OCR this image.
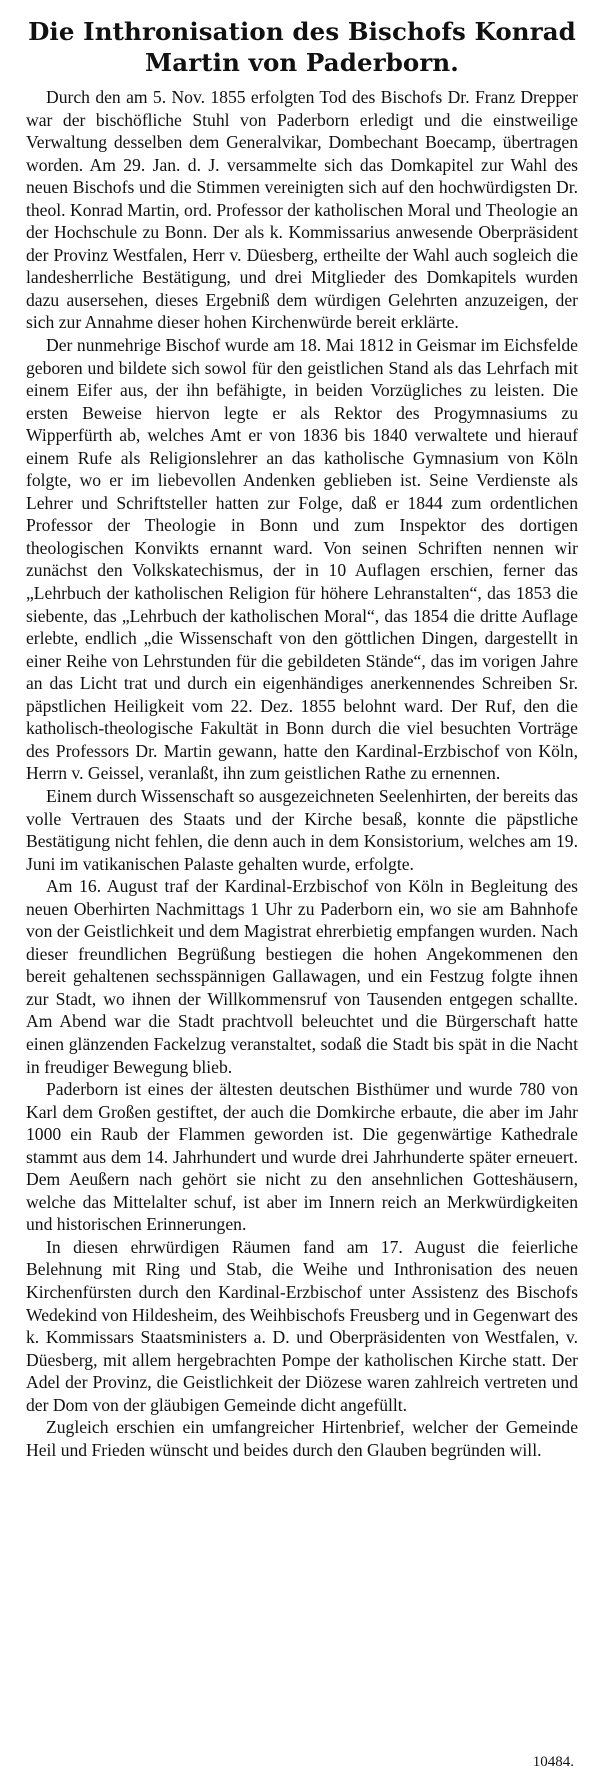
Die Inthronisation des Bischofs Konrad Martin von Paderborn.

Durch den am 5. Nov. 1855 erfolgten Tod des Bischofs Dr. Franz Drepper war der bischöfliche Stuhl von Paderborn erledigt und die einstweilige Verwaltung desselben dem Generalvikar, Dombechant Boecamp, übertragen worden. Am 29. Jan. d. J. versammelte sich das Domkapitel zur Wahl des neuen Bischofs und die Stimmen vereinigten sich auf den hochwürdigsten Dr. theol. Konrad Martin, ord. Professor der katholischen Moral und Theologie an der Hochschule zu Bonn. Der als k. Kommissarius anwesende Oberpräsident der Provinz Westfalen, Herr v. Düesberg, ertheilte der Wahl auch sogleich die landesherrliche Bestätigung, und drei Mitglieder des Domkapitels wurden dazu ausersehen, dieses Ergebniß dem würdigen Gelehrten anzuzeigen, der sich zur Annahme dieser hohen Kirchenwürde bereit erklärte.

Der nunmehrige Bischof wurde am 18. Mai 1812 in Geismar im Eichsfelde geboren und bildete sich sowol für den geistlichen Stand als das Lehrfach mit einem Eifer aus, der ihn befähigte, in beiden Vorzügliches zu leisten. Die ersten Beweise hiervon legte er als Rektor des Progymnasiums zu Wipperfürth ab, welches Amt er von 1836 bis 1840 verwaltete und hierauf einem Rufe als Religionslehrer an das katholische Gymnasium von Köln folgte, wo er im liebevollen Andenken geblieben ist. Seine Verdienste als Lehrer und Schriftsteller hatten zur Folge, daß er 1844 zum ordentlichen Professor der Theologie in Bonn und zum Inspektor des dortigen theologischen Konvikts ernannt ward. Von seinen Schriften nennen wir zunächst den Volkskatechismus, der in 10 Auflagen erschien, ferner das „Lehrbuch der katholischen Religion für höhere Lehranstalten“, das 1853 die siebente, das „Lehrbuch der katholischen Moral“, das 1854 die dritte Auflage erlebte, endlich „die Wissenschaft von den göttlichen Dingen, dargestellt in einer Reihe von Lehrstunden für die gebildeten Stände“, das im vorigen Jahre an das Licht trat und durch ein eigenhändiges anerkennendes Schreiben Sr. päpstlichen Heiligkeit vom 22. Dez. 1855 belohnt ward. Der Ruf, den die katholisch-theologische Fakultät in Bonn durch die viel besuchten Vorträge des Professors Dr. Martin gewann, hatte den Kardinal-Erzbischof von Köln, Herrn v. Geissel, veranlaßt, ihn zum geistlichen Rathe zu ernennen.

Einem durch Wissenschaft so ausgezeichneten Seelenhirten, der bereits das volle Vertrauen des Staats und der Kirche besaß, konnte die päpstliche Bestätigung nicht fehlen, die denn auch in dem Konsistorium, welches am 19. Juni im vatikanischen Palaste gehalten wurde, erfolgte.

Am 16. August traf der Kardinal-Erzbischof von Köln in Begleitung des neuen Oberhirten Nachmittags 1 Uhr zu Paderborn ein, wo sie am Bahnhofe von der Geistlichkeit und dem Magistrat ehrerbietig empfangen wurden. Nach dieser freundlichen Begrüßung bestiegen die hohen Angekommenen den bereit gehaltenen sechsspännigen Gallawagen, und ein Festzug folgte ihnen zur Stadt, wo ihnen der Willkommensruf von Tausenden entgegen schallte. Am Abend war die Stadt prachtvoll beleuchtet und die Bürgerschaft hatte einen glänzenden Fackelzug veranstaltet, sodaß die Stadt bis spät in die Nacht in freudiger Bewegung blieb.

Paderborn ist eines der ältesten deutschen Bisthümer und wurde 780 von Karl dem Großen gestiftet, der auch die Domkirche erbaute, die aber im Jahr 1000 ein Raub der Flammen geworden ist. Die gegenwärtige Kathedrale stammt aus dem 14. Jahrhundert und wurde drei Jahrhunderte später erneuert. Dem Aeußern nach gehört sie nicht zu den ansehnlichen Gotteshäusern, welche das Mittelalter schuf, ist aber im Innern reich an Merkwürdigkeiten und historischen Erinnerungen.

In diesen ehrwürdigen Räumen fand am 17. August die feierliche Belehnung mit Ring und Stab, die Weihe und Inthronisation des neuen Kirchenfürsten durch den Kardinal-Erzbischof unter Assistenz des Bischofs Wedekind von Hildesheim, des Weihbischofs Freusberg und in Gegenwart des k. Kommissars Staatsministers a. D. und Oberpräsidenten von Westfalen, v. Düesberg, mit allem hergebrachten Pompe der katholischen Kirche statt. Der Adel der Provinz, die Geistlichkeit der Diözese waren zahlreich vertreten und der Dom von der gläubigen Gemeinde dicht angefüllt.

Zugleich erschien ein umfangreicher Hirtenbrief, welcher der Gemeinde Heil und Frieden wünscht und beides durch den Glauben begründen will.

10484.
